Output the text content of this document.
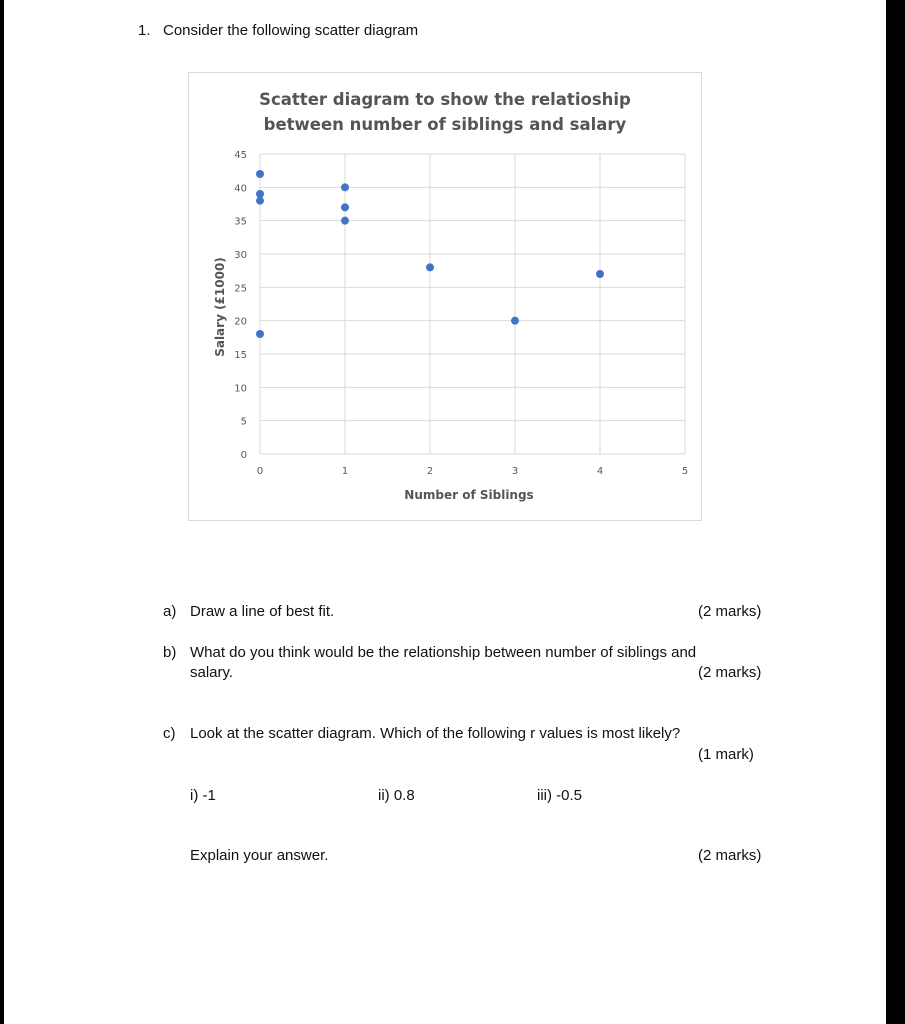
1. Consider the following scatter diagram
Scatter diagram to show the relatioship
between number of siblings and salary
0
5
10
15
20
25
30
35
40
45
0	1	2	3	4	5
Number of Siblings
Salary (£1000)
a) Draw a line of best fit.	(2 marks)
b) What do you think would be the relationship between number of siblings and
salary.	(2 marks)
c) Look at the scatter diagram. Which of the following r values is most likely?
(1 mark)
i) -1	ii) 0.8	iii) -0.5
Explain your answer.	(2 marks)
